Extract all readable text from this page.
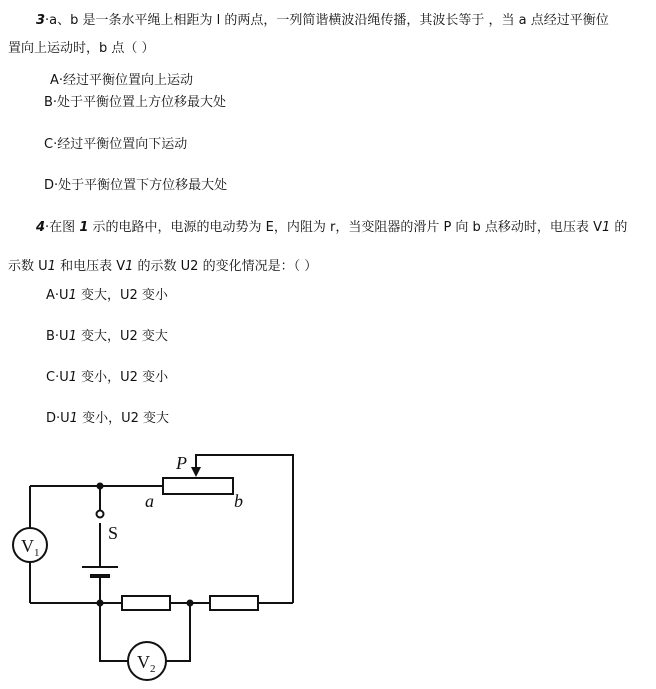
3·a、b 是一条水平绳上相距为 l 的两点，一列简谐横波沿绳传播，其波长等于 ，当 a 点经过平衡位
置向上运动时，b 点（ ）
A·经过平衡位置向上运动
B·处于平衡位置上方位移最大处
C·经过平衡位置向下运动
D·处于平衡位置下方位移最大处
4·在图 1 示的电路中，电源的电动势为 E，内阻为 r，当变阻器的滑片 P 向 b 点移动时，电压表 V1 的
示数 U1 和电压表 V1 的示数 U2 的变化情况是：（ ）
A·U1 变大，U2 变小
B·U1 变大，U2 变大
C·U1 变小，U2 变小
D·U1 变小，U2 变大
P
a	b
S
$V_1$
$V_2$
